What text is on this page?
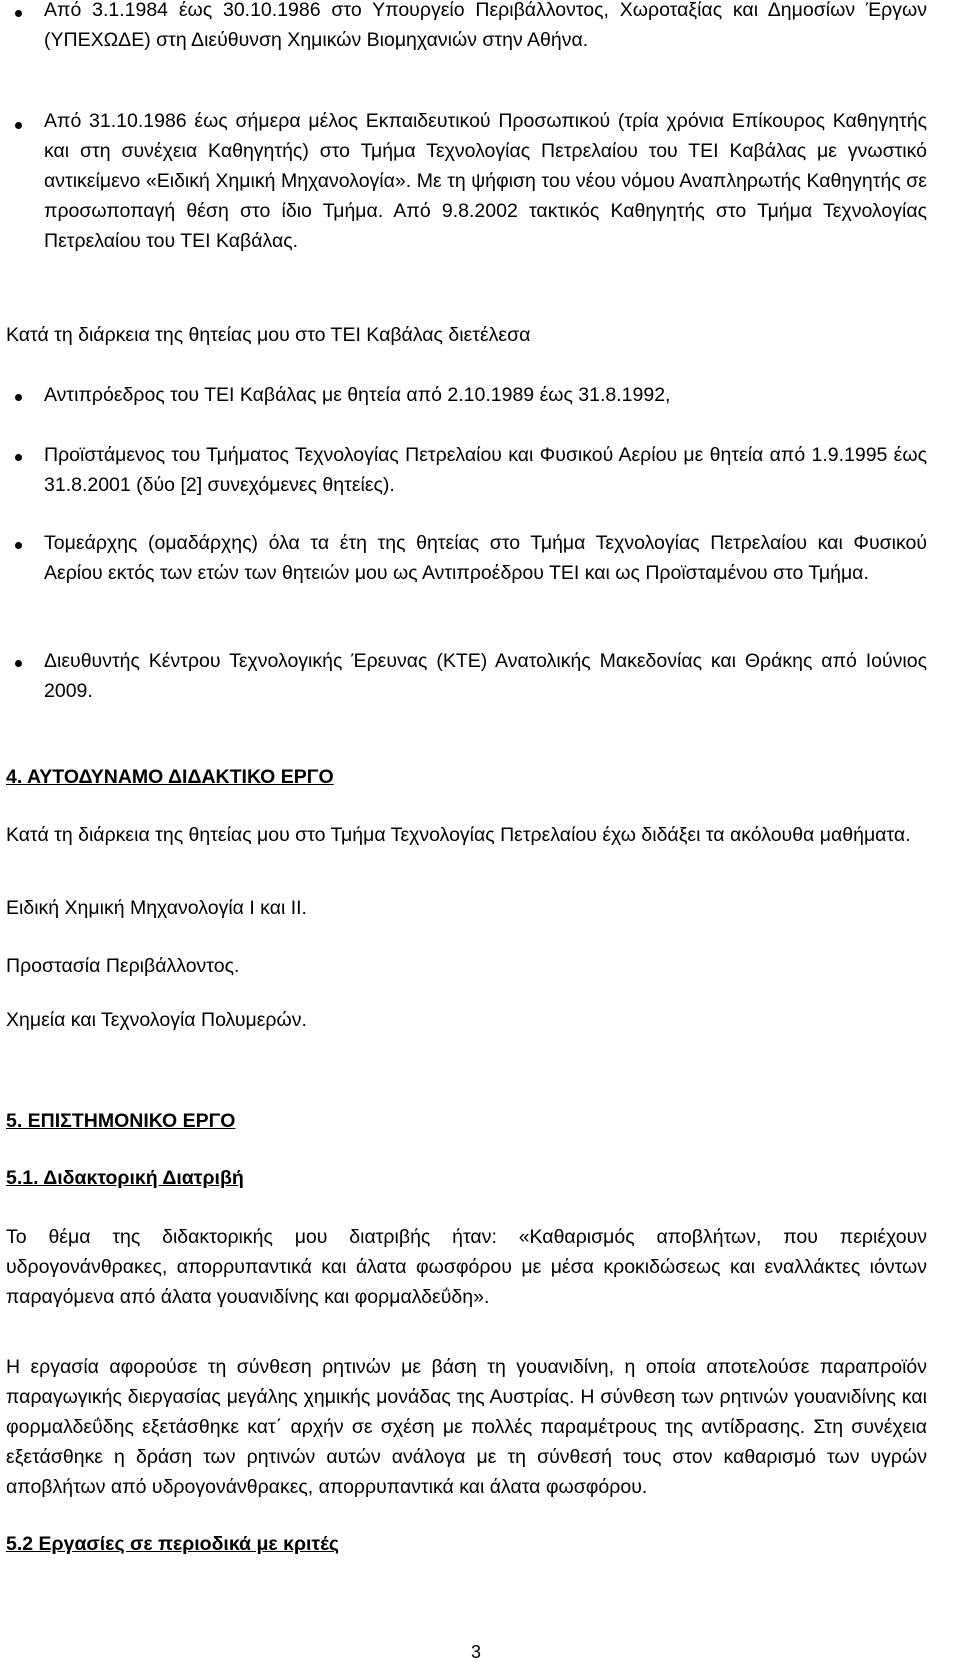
Από 3.1.1984 έως 30.10.1986 στο Υπουργείο Περιβάλλοντος, Χωροταξίας και Δημοσίων Έργων (ΥΠΕΧΩΔΕ) στη Διεύθυνση Χημικών Βιομηχανιών στην Αθήνα.

Από 31.10.1986 έως σήμερα μέλος Εκπαιδευτικού Προσωπικού (τρία χρόνια Επίκουρος Καθηγητής και στη συνέχεια Καθηγητής) στο Τμήμα Τεχνολογίας Πετρελαίου του ΤΕΙ Καβάλας με γνωστικό αντικείμενο «Ειδική Χημική Μηχανολογία». Με τη ψήφιση του νέου νόμου Αναπληρωτής Καθηγητής σε προσωποπαγή θέση στο ίδιο Τμήμα. Από 9.8.2002 τακτικός Καθηγητής στο Τμήμα Τεχνολογίας Πετρελαίου του ΤΕΙ Καβάλας.

Κατά τη διάρκεια της θητείας μου στο ΤΕΙ Καβάλας διετέλεσα

Αντιπρόεδρος του ΤΕΙ Καβάλας με θητεία από 2.10.1989 έως 31.8.1992,

Προϊστάμενος του Τμήματος Τεχνολογίας Πετρελαίου και Φυσικού Αερίου με θητεία από 1.9.1995 έως 31.8.2001 (δύο [2] συνεχόμενες θητείες).

Τομεάρχης (ομαδάρχης) όλα τα έτη της θητείας στο Τμήμα Τεχνολογίας Πετρελαίου και Φυσικού Αερίου εκτός των ετών των θητειών μου ως Αντιπροέδρου ΤΕΙ και ως Προϊσταμένου στο Τμήμα.

Διευθυντής Κέντρου Τεχνολογικής Έρευνας (ΚΤΕ) Ανατολικής Μακεδονίας και Θράκης από Ιούνιος 2009.

4. ΑΥΤΟΔΥΝΑΜΟ ΔΙΔΑΚΤΙΚΟ ΕΡΓΟ

Κατά τη διάρκεια της θητείας μου στο Τμήμα Τεχνολογίας Πετρελαίου έχω διδάξει τα ακόλουθα μαθήματα.

Ειδική Χημική Μηχανολογία Ι και ΙΙ.

Προστασία Περιβάλλοντος.

Χημεία και Τεχνολογία Πολυμερών.

5. ΕΠΙΣΤΗΜΟΝΙΚΟ ΕΡΓΟ

5.1. Διδακτορική Διατριβή

Το θέμα της διδακτορικής μου διατριβής ήταν: «Καθαρισμός αποβλήτων, που περιέχουν υδρογονάνθρακες, απορρυπαντικά και άλατα φωσφόρου με μέσα κροκιδώσεως και εναλλάκτες ιόντων παραγόμενα από άλατα γουανιδίνης και φορμαλδεΰδη».

Η εργασία αφορούσε τη σύνθεση ρητινών με βάση τη γουανιδίνη, η οποία αποτελούσε παραπροϊόν παραγωγικής διεργασίας μεγάλης χημικής μονάδας της Αυστρίας. Η σύνθεση των ρητινών γουανιδίνης και φορμαλδεΰδης εξετάσθηκε κατ΄ αρχήν σε σχέση με πολλές παραμέτρους της αντίδρασης. Στη συνέχεια εξετάσθηκε η δράση των ρητινών αυτών ανάλογα με τη σύνθεσή τους στον καθαρισμό των υγρών αποβλήτων από υδρογονάνθρακες, απορρυπαντικά και άλατα φωσφόρου.

5.2 Εργασίες σε περιοδικά με κριτές

3
